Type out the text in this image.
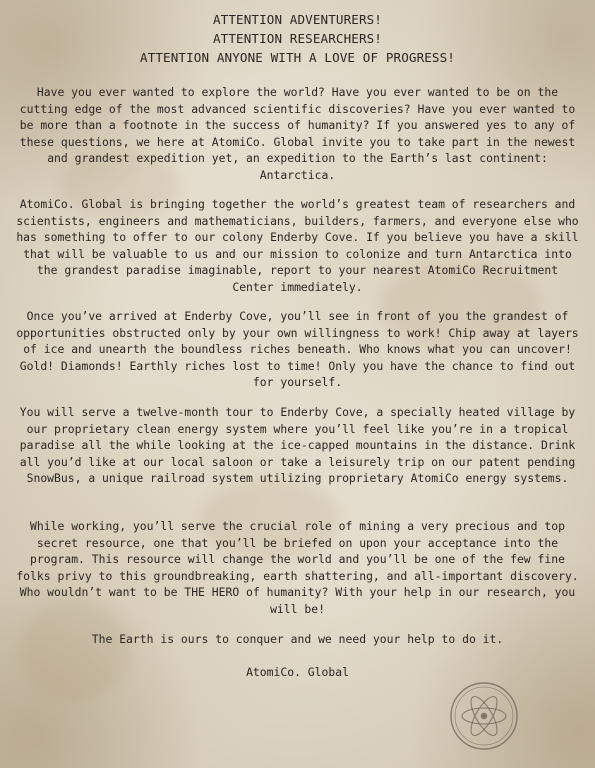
ATTENTION ADVENTURERS!
ATTENTION RESEARCHERS!
ATTENTION ANYONE WITH A LOVE OF PROGRESS!

Have you ever wanted to explore the world? Have you ever wanted to be on the cutting edge of the most advanced scientific discoveries? Have you ever wanted to be more than a footnote in the success of humanity? If you answered yes to any of these questions, we here at AtomiCo. Global invite you to take part in the newest and grandest expedition yet, an expedition to the Earth’s last continent: Antarctica.

AtomiCo. Global is bringing together the world’s greatest team of researchers and scientists, engineers and mathematicians, builders, farmers, and everyone else who has something to offer to our colony Enderby Cove. If you believe you have a skill that will be valuable to us and our mission to colonize and turn Antarctica into the grandest paradise imaginable, report to your nearest AtomiCo Recruitment Center immediately.

Once you’ve arrived at Enderby Cove, you’ll see in front of you the grandest of opportunities obstructed only by your own willingness to work! Chip away at layers of ice and unearth the boundless riches beneath. Who knows what you can uncover! Gold! Diamonds! Earthly riches lost to time! Only you have the chance to find out for yourself.

You will serve a twelve-month tour to Enderby Cove, a specially heated village by our proprietary clean energy system where you’ll feel like you’re in a tropical paradise all the while looking at the ice-capped mountains in the distance. Drink all you’d like at our local saloon or take a leisurely trip on our patent pending SnowBus, a unique railroad system utilizing proprietary AtomiCo energy systems.

While working, you’ll serve the crucial role of mining a very precious and top secret resource, one that you’ll be briefed on upon your acceptance into the program. This resource will change the world and you’ll be one of the few fine folks privy to this groundbreaking, earth shattering, and all-important discovery. Who wouldn’t want to be THE HERO of humanity? With your help in our research, you will be!

The Earth is ours to conquer and we need your help to do it.

AtomiCo. Global
